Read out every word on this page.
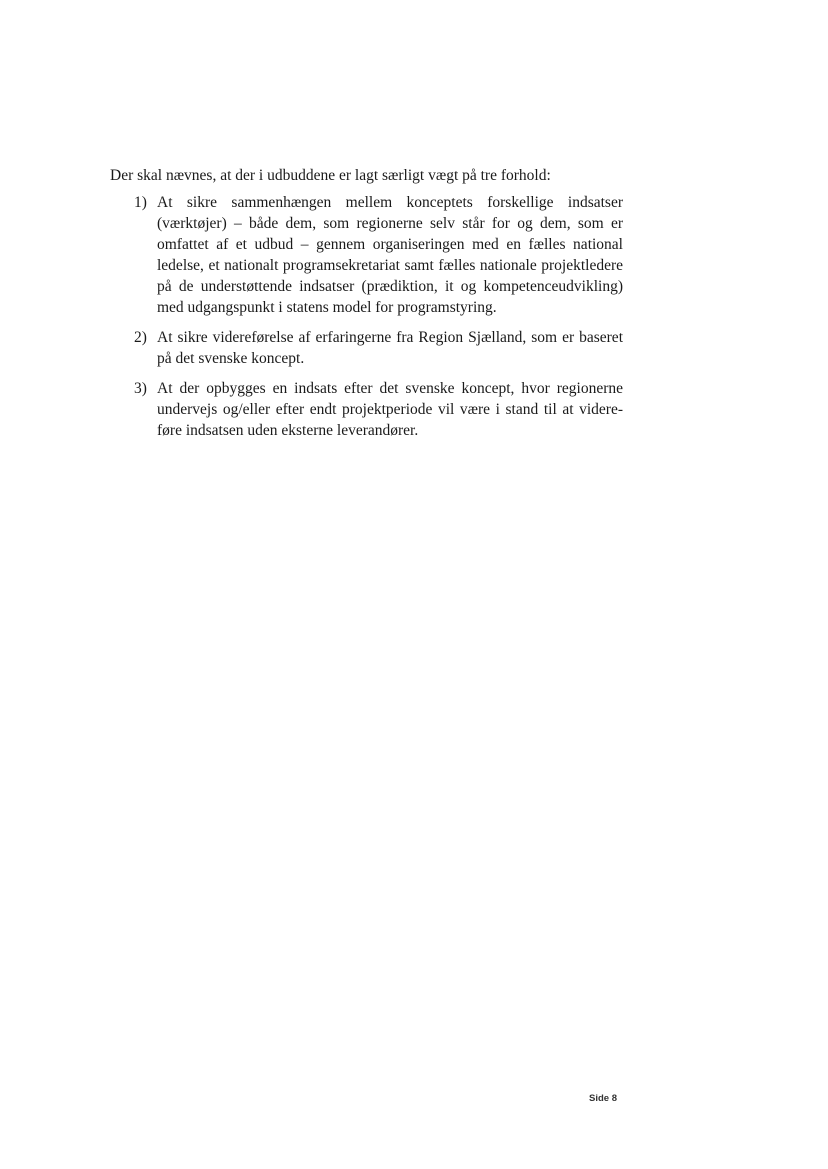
Der skal nævnes, at der i udbuddene er lagt særligt vægt på tre forhold:

1) At sikre sammenhængen mellem konceptets forskellige indsatser (værktøjer) – både dem, som regionerne selv står for og dem, som er omfattet af et udbud – gennem organiseringen med en fælles national ledelse, et nationalt programsekretariat samt fælles nationale projektledere på de understøttende indsatser (prædiktion, it og kompetenceudvikling) med udgangspunkt i statens model for programstyring.

2) At sikre videreførelse af erfaringerne fra Region Sjælland, som er baseret på det svenske koncept.

3) At der opbygges en indsats efter det svenske koncept, hvor regionerne undervejs og/eller efter endt projektperiode vil være i stand til at videreføre indsatsen uden eksterne leverandører.

Side 8
